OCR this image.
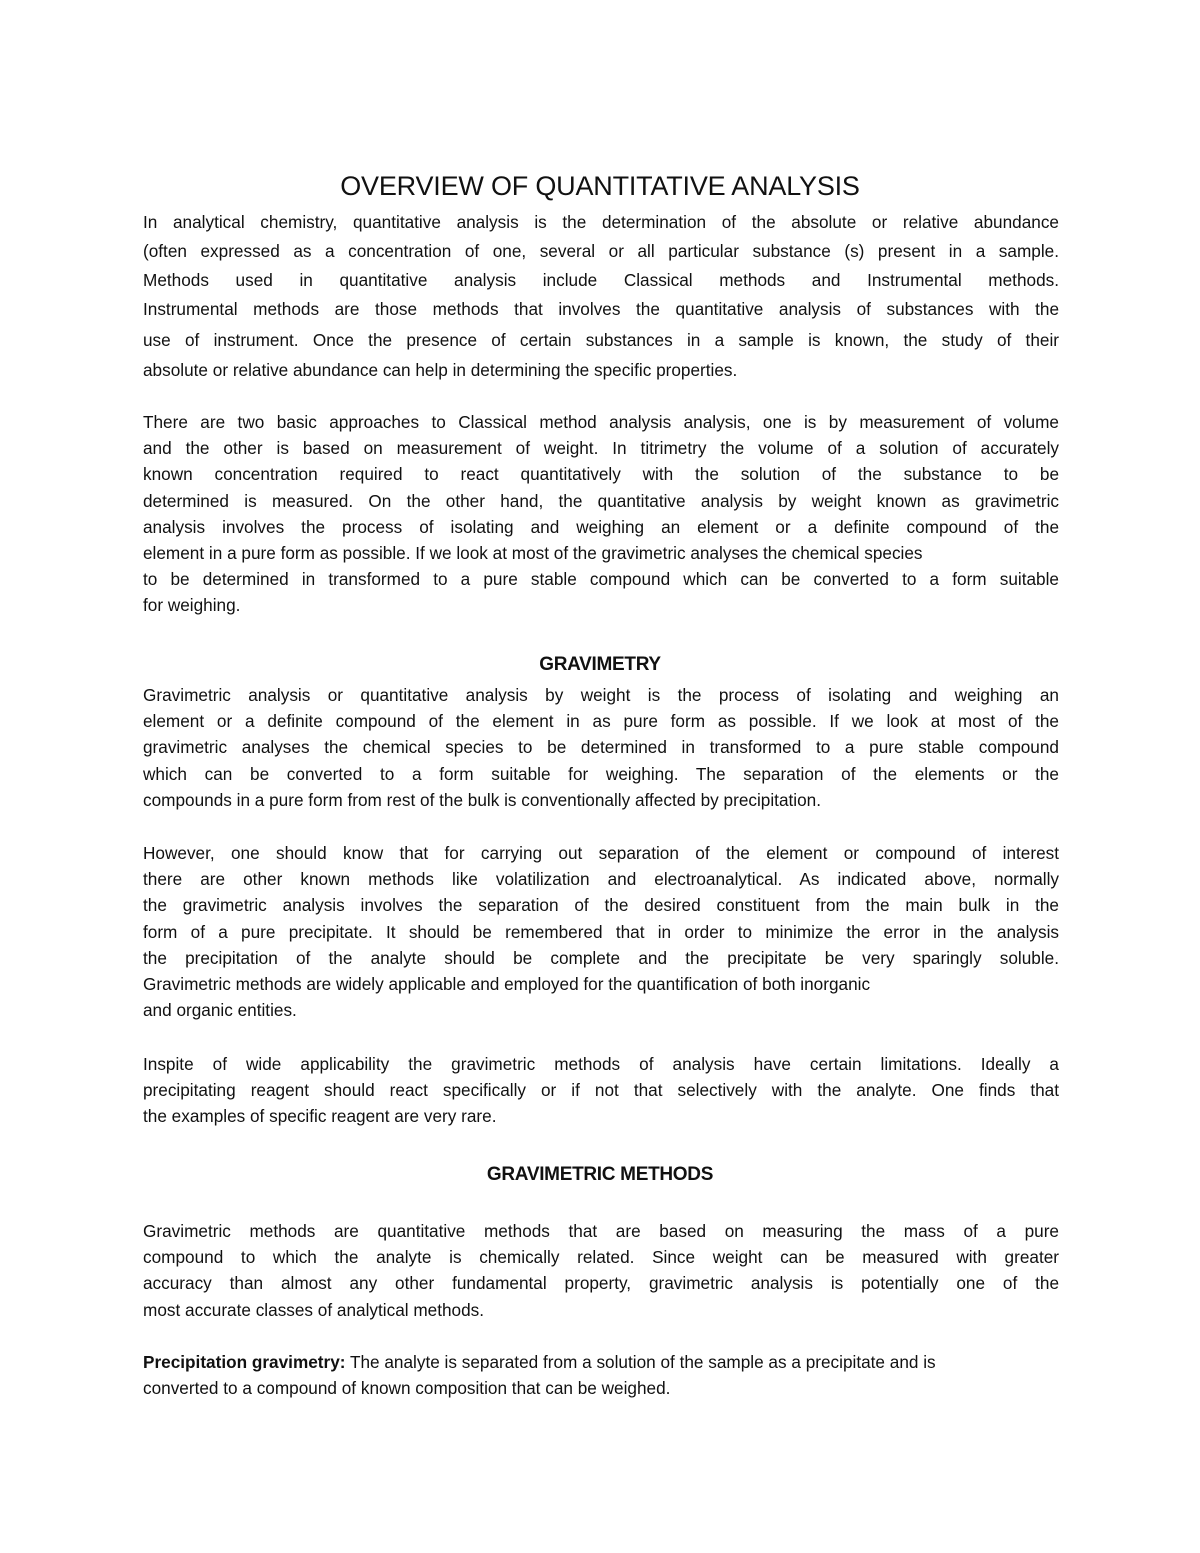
OVERVIEW OF QUANTITATIVE ANALYSIS
In analytical chemistry, quantitative analysis is the determination of the absolute or relative abundance
(often expressed as a concentration of one, several or all particular substance (s) present in a sample.
Methods used in quantitative analysis include Classical methods and Instrumental methods.
Instrumental methods are those methods that involves the quantitative analysis of substances with the
use of instrument. Once the presence of certain substances in a sample is known, the study of their
absolute or relative abundance can help in determining the specific properties.
There are two basic approaches to Classical method analysis analysis, one is by measurement of volume
and the other is based on measurement of weight. In titrimetry the volume of a solution of accurately
known concentration required to react quantitatively with the solution of the substance to be
determined is measured. On the other hand, the quantitative analysis by weight known as gravimetric
analysis involves the process of isolating and weighing an element or a definite compound of the
element in a pure form as possible. If we look at most of the gravimetric analyses the chemical species
to be determined in transformed to a pure stable compound which can be converted to a form suitable
for weighing.
GRAVIMETRY
Gravimetric analysis or quantitative analysis by weight is the process of isolating and weighing an
element or a definite compound of the element in as pure form as possible. If we look at most of the
gravimetric analyses the chemical species to be determined in transformed to a pure stable compound
which can be converted to a form suitable for weighing. The separation of the elements or the
compounds in a pure form from rest of the bulk is conventionally affected by precipitation.
However, one should know that for carrying out separation of the element or compound of interest
there are other known methods like volatilization and electroanalytical. As indicated above, normally
the gravimetric analysis involves the separation of the desired constituent from the main bulk in the
form of a pure precipitate. It should be remembered that in order to minimize the error in the analysis
the precipitation of the analyte should be complete and the precipitate be very sparingly soluble.
Gravimetric methods are widely applicable and employed for the quantification of both inorganic
and organic entities.
Inspite of wide applicability the gravimetric methods of analysis have certain limitations. Ideally a
precipitating reagent should react specifically or if not that selectively with the analyte. One finds that
the examples of specific reagent are very rare.
GRAVIMETRIC METHODS
Gravimetric methods are quantitative methods that are based on measuring the mass of a pure
compound to which the analyte is chemically related. Since weight can be measured with greater
accuracy than almost any other fundamental property, gravimetric analysis is potentially one of the
most accurate classes of analytical methods.
Precipitation gravimetry: The analyte is separated from a solution of the sample as a precipitate and is
converted to a compound of known composition that can be weighed.
